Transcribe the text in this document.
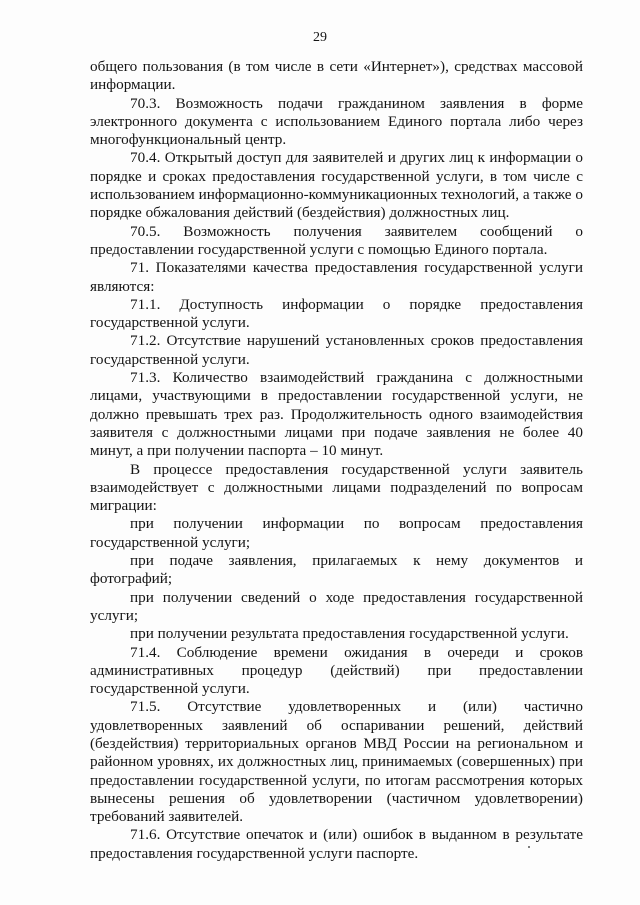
29

общего пользования (в том числе в сети «Интернет»), средствах массовой информации.

70.3. Возможность подачи гражданином заявления в форме электронного документа с использованием Единого портала либо через многофункциональный центр.

70.4. Открытый доступ для заявителей и других лиц к информации о порядке и сроках предоставления государственной услуги, в том числе с использованием информационно-коммуникационных технологий, а также о порядке обжалования действий (бездействия) должностных лиц.

70.5. Возможность получения заявителем сообщений о предоставлении государственной услуги с помощью Единого портала.

71. Показателями качества предоставления государственной услуги являются:

71.1. Доступность информации о порядке предоставления государственной услуги.

71.2. Отсутствие нарушений установленных сроков предоставления государственной услуги.

71.3. Количество взаимодействий гражданина с должностными лицами, участвующими в предоставлении государственной услуги, не должно превышать трех раз. Продолжительность одного взаимодействия заявителя с должностными лицами при подаче заявления не более 40 минут, а при получении паспорта – 10 минут.

В процессе предоставления государственной услуги заявитель взаимодействует с должностными лицами подразделений по вопросам миграции:

при получении информации по вопросам предоставления государственной услуги;

при подаче заявления, прилагаемых к нему документов и фотографий;

при получении сведений о ходе предоставления государственной услуги;

при получении результата предоставления государственной услуги.

71.4. Соблюдение времени ожидания в очереди и сроков административных процедур (действий) при предоставлении государственной услуги.

71.5. Отсутствие удовлетворенных и (или) частично удовлетворенных заявлений об оспаривании решений, действий (бездействия) территориальных органов МВД России на региональном и районном уровнях, их должностных лиц, принимаемых (совершенных) при предоставлении государственной услуги, по итогам рассмотрения которых вынесены решения об удовлетворении (частичном удовлетворении) требований заявителей.

71.6. Отсутствие опечаток и (или) ошибок в выданном в результате предоставления государственной услуги паспорте.
